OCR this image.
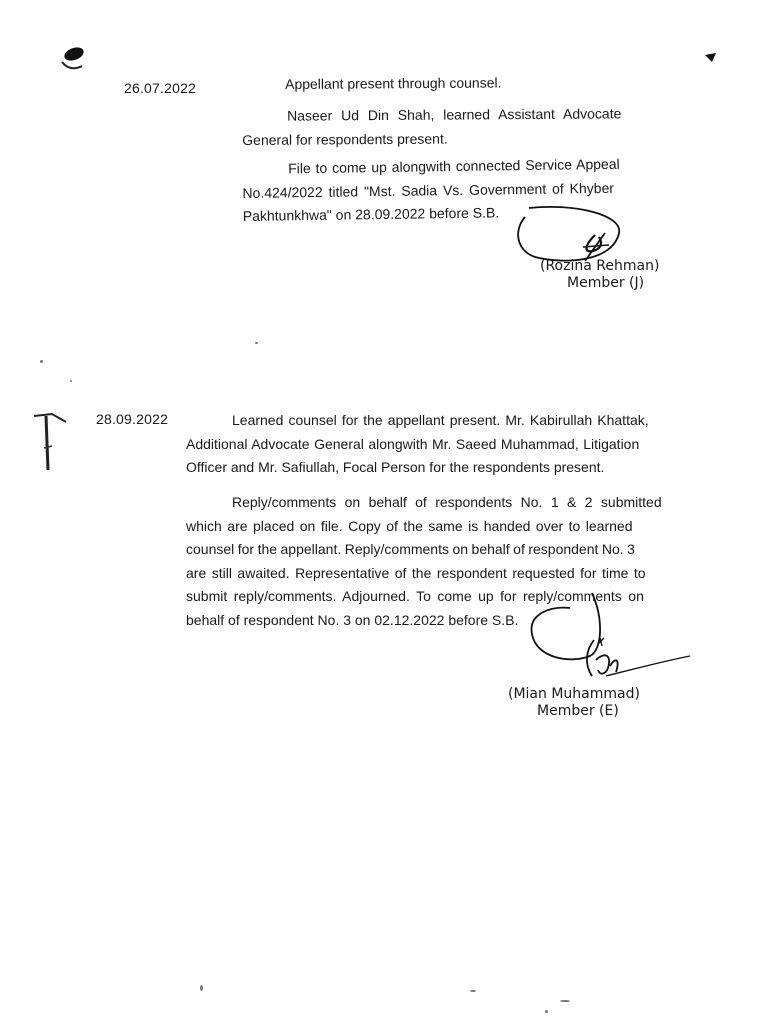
26.07.2022	Appellant present through counsel.
Naseer Ud Din Shah, learned Assistant Advocate
General for respondents present.
File to come up alongwith connected Service Appeal
No.424/2022 titled "Mst. Sadia Vs. Government of Khyber
Pakhtunkhwa" on 28.09.2022 before S.B.
(Rozina Rehman)
Member (J)
28.09.2022	Learned counsel for the appellant present. Mr. Kabirullah Khattak,
Additional Advocate General alongwith Mr. Saeed Muhammad, Litigation
Officer and Mr. Safiullah, Focal Person for the respondents present.
Reply/comments on behalf of respondents No. 1 & 2 submitted
which are placed on file. Copy of the same is handed over to learned
counsel for the appellant. Reply/comments on behalf of respondent No. 3
are still awaited. Representative of the respondent requested for time to
submit reply/comments. Adjourned. To come up for reply/comments on
behalf of respondent No. 3 on 02.12.2022 before S.B.
(Mian Muhammad)
Member (E)
